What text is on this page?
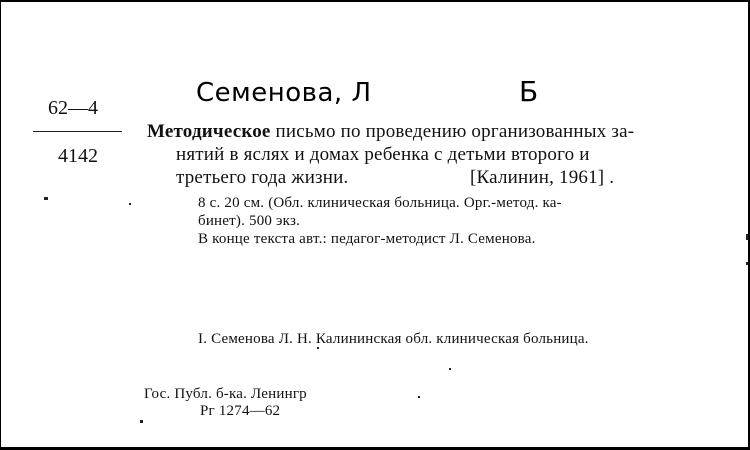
Семенова, Л	Б
62—4
4142
Методическое письмо по проведению организованных за-
нятий в яслях и домах ребенка с детьми второго и
третьего года жизни.	[Калинин, 1961] .
8 с. 20 см. (Обл. клиническая больница. Орг.-метод. ка-
бинет). 500 экз.
В конце текста авт.: педагог-методист Л. Семенова.
I. Семенова Л. Н. Калининская обл. клиническая больница.
Гос. Публ. б-ка. Ленингр
Рг 1274—62
